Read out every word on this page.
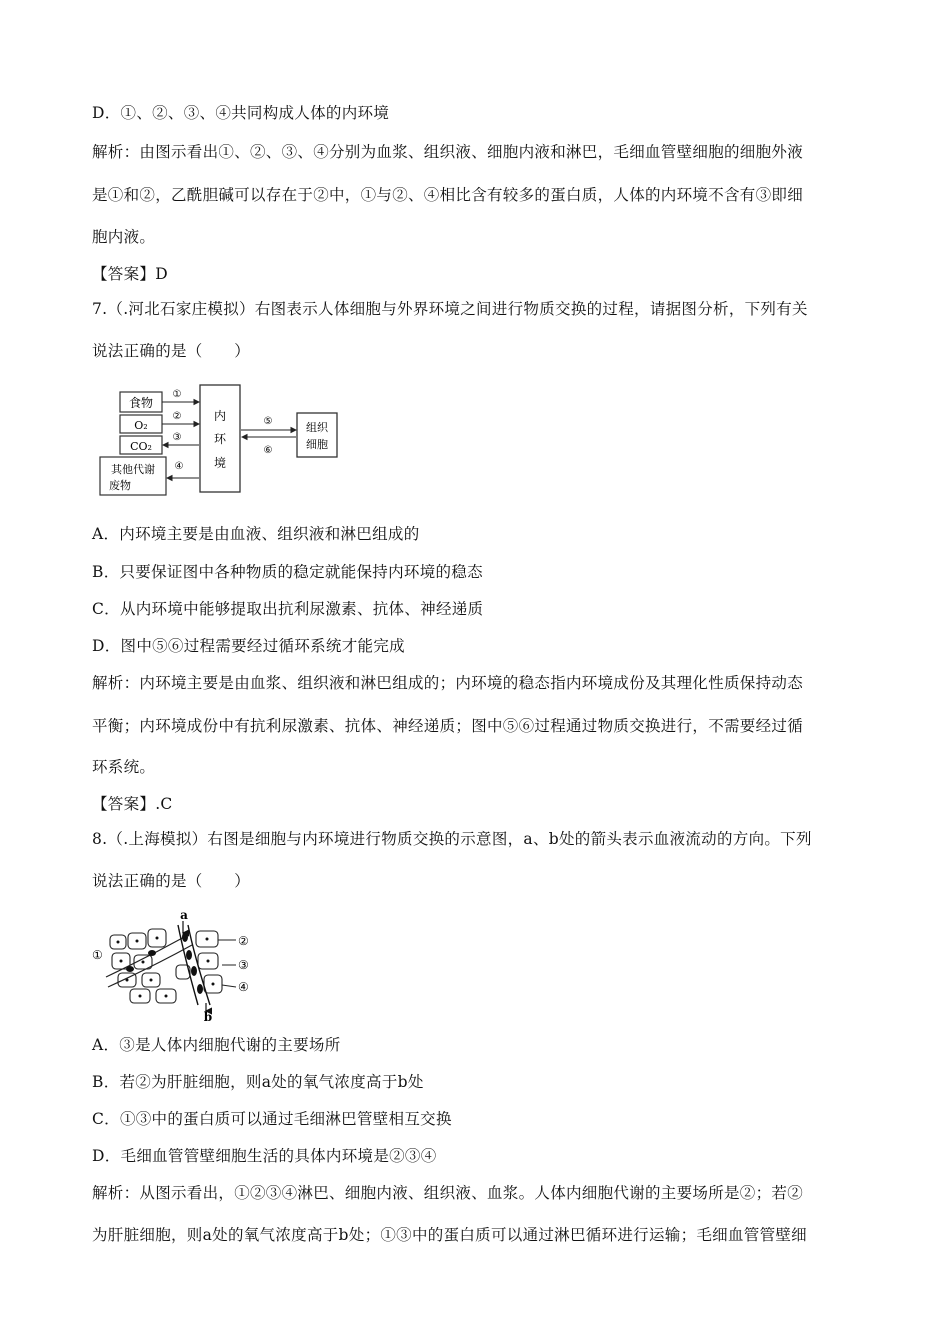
D．①、②、③、④共同构成人体的内环境
解析：由图示看出①、②、③、④分别为血浆、组织液、细胞内液和淋巴，毛细血管壁细胞的细胞外液
是①和②，乙酰胆碱可以存在于②中，①与②、④相比含有较多的蛋白质，人体的内环境不含有③即细
胞内液。
【答案】D
7.（.河北石家庄模拟）右图表示人体细胞与外界环境之间进行物质交换的过程，请据图分析，下列有关
说法正确的是（　　）
食物
O₂
CO₂
其他代谢
废物
内
环
境
组织
细胞
①
②
③
④
⑤
⑥
A．内环境主要是由血液、组织液和淋巴组成的
B．只要保证图中各种物质的稳定就能保持内环境的稳态
C．从内环境中能够提取出抗利尿激素、抗体、神经递质
D．图中⑤⑥过程需要经过循环系统才能完成
解析：内环境主要是由血浆、组织液和淋巴组成的；内环境的稳态指内环境成份及其理化性质保持动态
平衡；内环境成份中有抗利尿激素、抗体、神经递质；图中⑤⑥过程通过物质交换进行，不需要经过循
环系统。
【答案】.C
8.（.上海模拟）右图是细胞与内环境进行物质交换的示意图，a、b处的箭头表示血液流动的方向。下列
说法正确的是（　　）
①
a
b
②
③
④
A．③是人体内细胞代谢的主要场所
B．若②为肝脏细胞，则a处的氧气浓度高于b处
C．①③中的蛋白质可以通过毛细淋巴管壁相互交换
D．毛细血管管壁细胞生活的具体内环境是②③④
解析：从图示看出，①②③④淋巴、细胞内液、组织液、血浆。人体内细胞代谢的主要场所是②；若②
为肝脏细胞，则a处的氧气浓度高于b处；①③中的蛋白质可以通过淋巴循环进行运输；毛细血管管壁细
